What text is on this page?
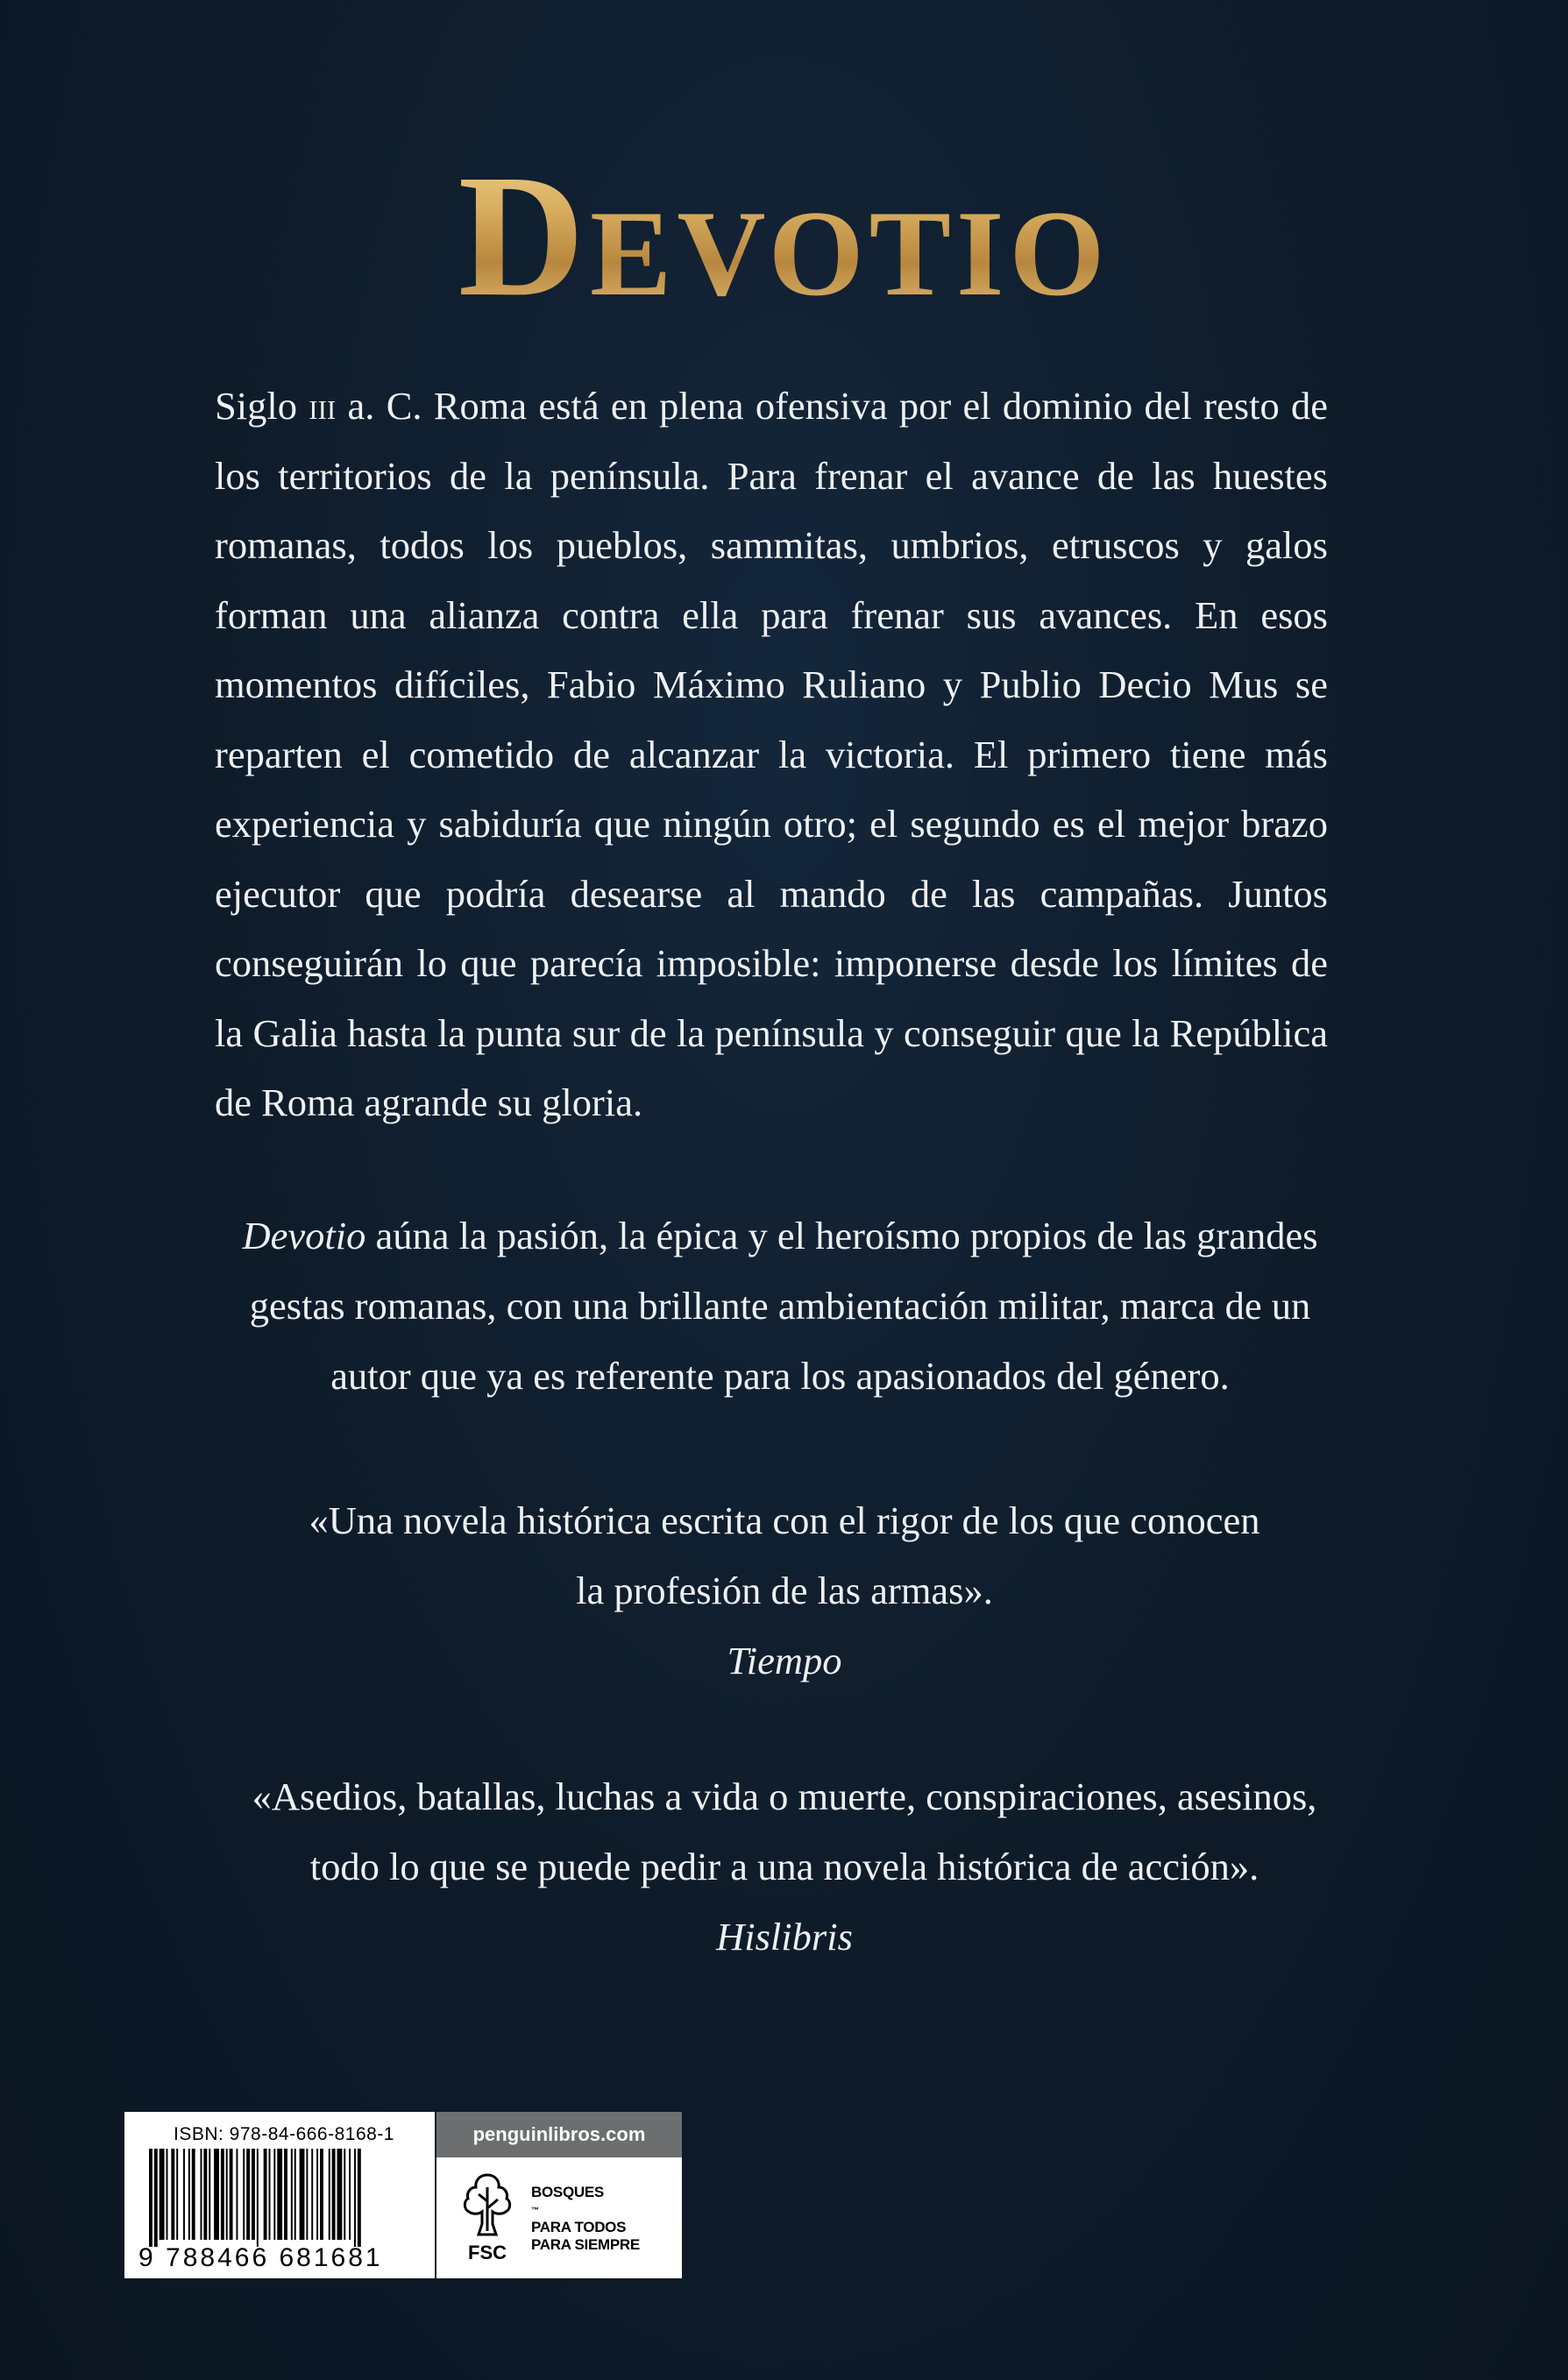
Devotio

Siglo iii a. C. Roma está en plena ofensiva por el dominio del resto de los territorios de la península. Para frenar el avance de las huestes romanas, todos los pueblos, sammitas, umbrios, etruscos y galos forman una alianza contra ella para frenar sus avances. En esos momentos difíciles, Fabio Máximo Ruliano y Publio Decio Mus se reparten el cometido de alcanzar la victoria. El primero tiene más experiencia y sabiduría que ningún otro; el segundo es el mejor brazo ejecutor que podría desearse al mando de las campañas. Juntos conseguirán lo que parecía imposible: imponerse desde los límites de la Galia hasta la punta sur de la península y conseguir que la República de Roma agrande su gloria.

Devotio aúna la pasión, la épica y el heroísmo propios de las grandes
gestas romanas, con una brillante ambientación militar, marca de un
autor que ya es referente para los apasionados del género.

«Una novela histórica escrita con el rigor de los que conocen
la profesión de las armas».
Tiempo

«Asedios, batallas, luchas a vida o muerte, conspiraciones, asesinos,
todo lo que se puede pedir a una novela histórica de acción».
Hislibris

ISBN: 978-84-666-8168-1
9 788466 681681
penguinlibros.com
FSC
BOSQUES
™
PARA TODOS
PARA SIEMPRE
